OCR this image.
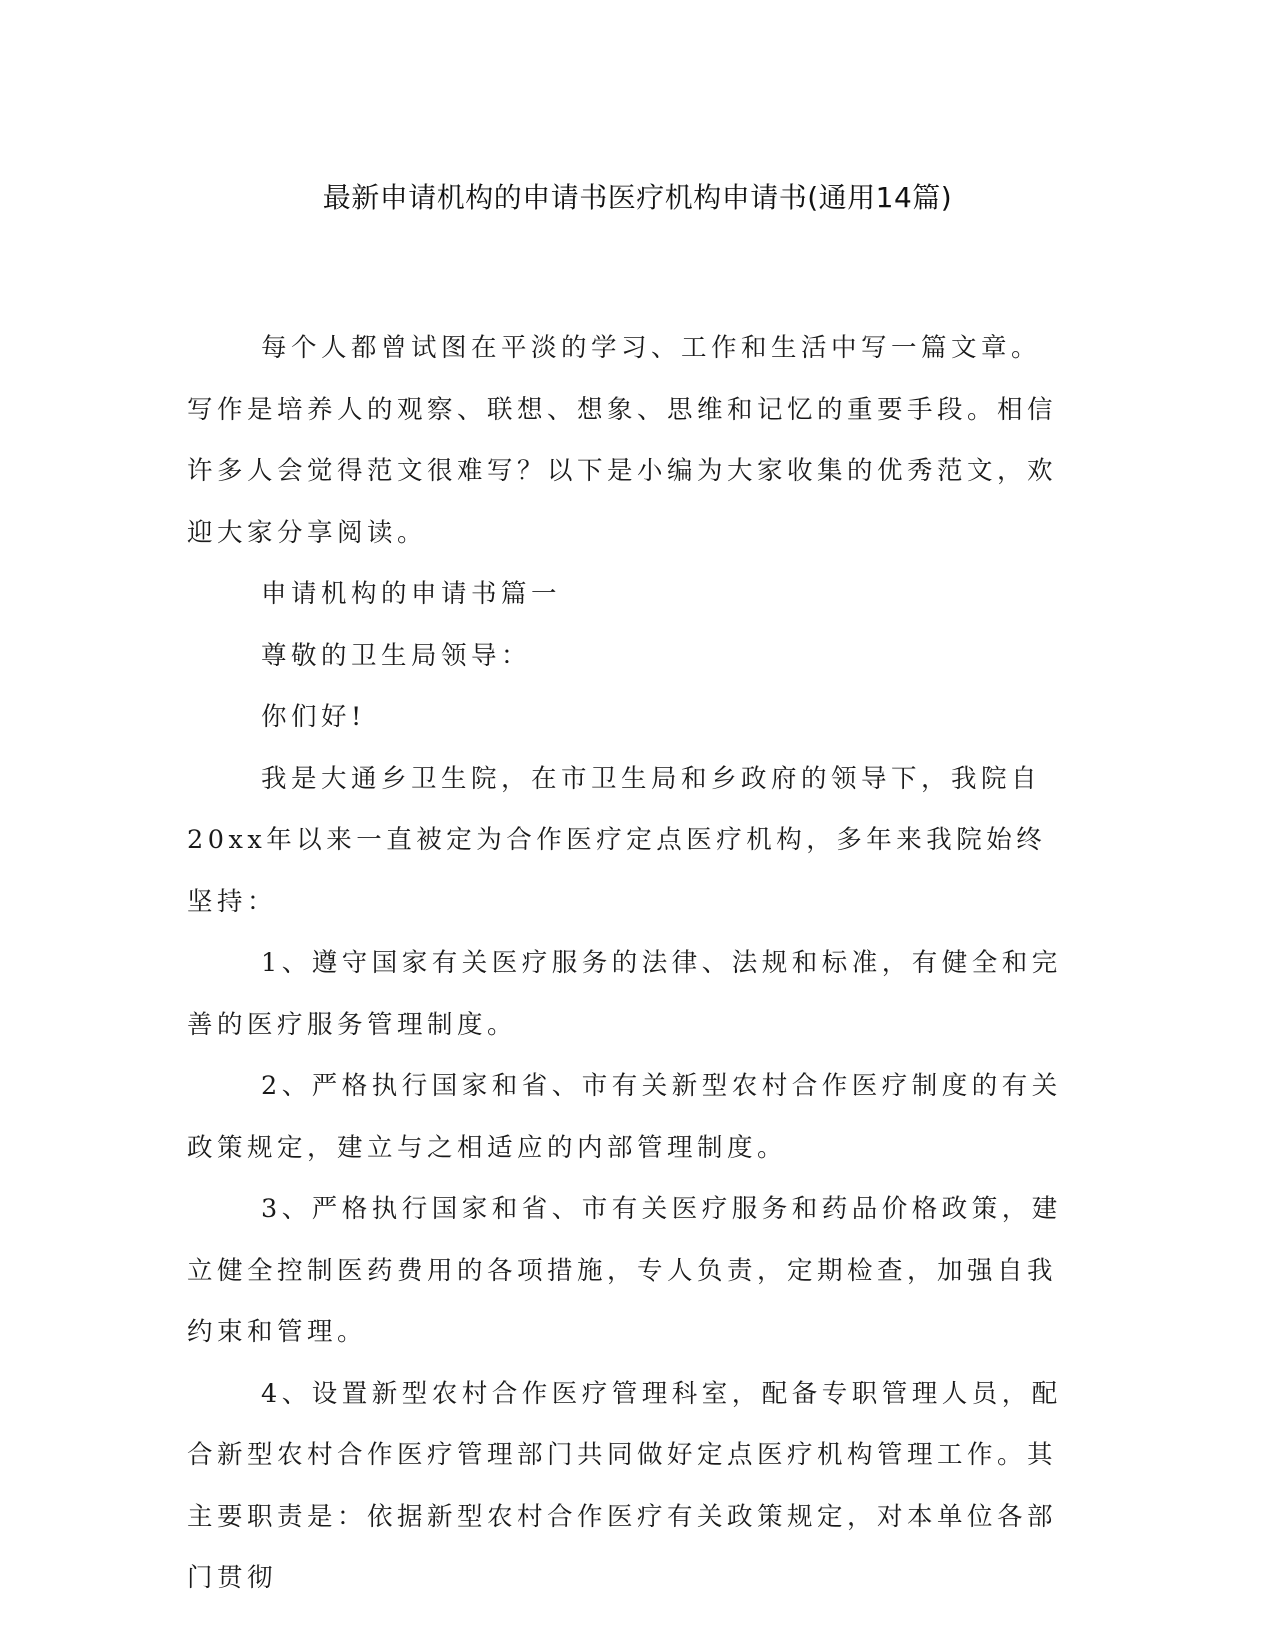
最新申请机构的申请书医疗机构申请书(通用14篇)

每个人都曾试图在平淡的学习、工作和生活中写一篇文章。写作是培养人的观察、联想、想象、思维和记忆的重要手段。相信许多人会觉得范文很难写？以下是小编为大家收集的优秀范文，欢迎大家分享阅读。

申请机构的申请书篇一

尊敬的卫生局领导：

你们好!

我是大通乡卫生院，在市卫生局和乡政府的领导下，我院自20xx年以来一直被定为合作医疗定点医疗机构，多年来我院始终坚持：

1、遵守国家有关医疗服务的法律、法规和标准，有健全和完善的医疗服务管理制度。

2、严格执行国家和省、市有关新型农村合作医疗制度的有关政策规定，建立与之相适应的内部管理制度。

3、严格执行国家和省、市有关医疗服务和药品价格政策，建立健全控制医药费用的各项措施，专人负责，定期检查，加强自我约束和管理。

4、设置新型农村合作医疗管理科室，配备专职管理人员，配合新型农村合作医疗管理部门共同做好定点医疗机构管理工作。其主要职责是：依据新型农村合作医疗有关政策规定，对本单位各部门贯彻
